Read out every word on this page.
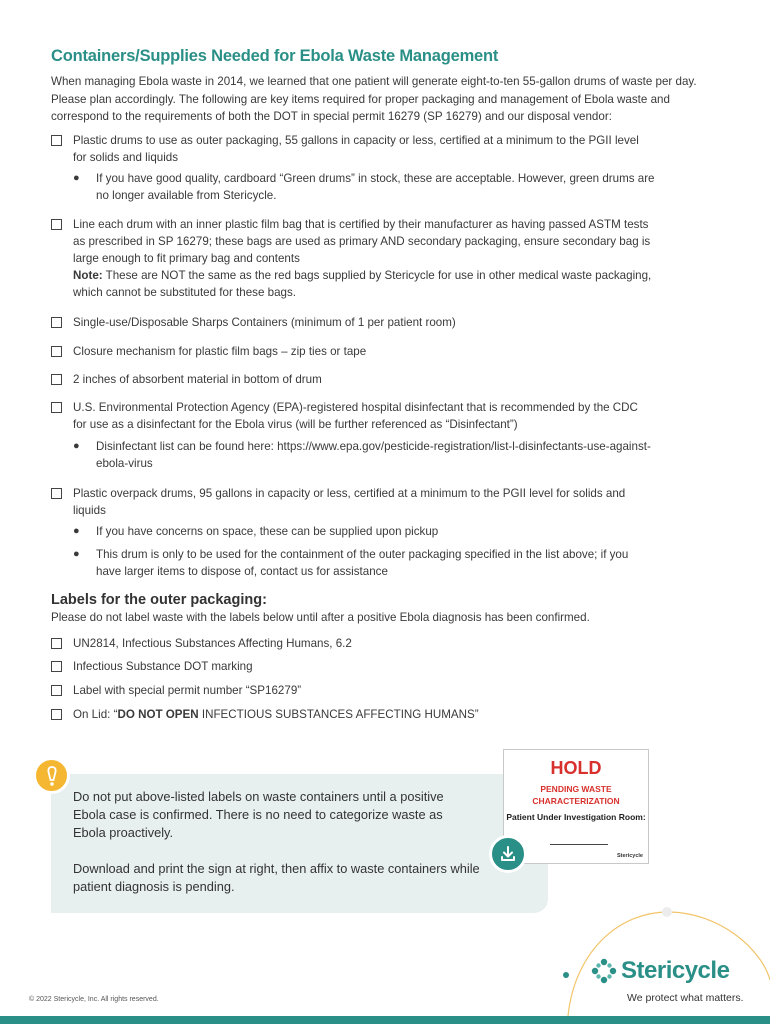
Containers/Supplies Needed for Ebola Waste Management
When managing Ebola waste in 2014, we learned that one patient will generate eight-to-ten 55-gallon drums of waste per day. Please plan accordingly. The following are key items required for proper packaging and management of Ebola waste and correspond to the requirements of both the DOT in special permit 16279 (SP 16279) and our disposal vendor:
Plastic drums to use as outer packaging, 55 gallons in capacity or less, certified at a minimum to the PGII level for solids and liquids
●	If you have good quality, cardboard “Green drums” in stock, these are acceptable. However, green drums are no longer available from Stericycle.
Line each drum with an inner plastic film bag that is certified by their manufacturer as having passed ASTM tests as prescribed in SP 16279; these bags are used as primary AND secondary packaging, ensure secondary bag is large enough to fit primary bag and contents
Note: These are NOT the same as the red bags supplied by Stericycle for use in other medical waste packaging, which cannot be substituted for these bags.
Single-use/Disposable Sharps Containers (minimum of 1 per patient room)
Closure mechanism for plastic film bags – zip ties or tape
2 inches of absorbent material in bottom of drum
U.S. Environmental Protection Agency (EPA)-registered hospital disinfectant that is recommended by the CDC for use as a disinfectant for the Ebola virus (will be further referenced as “Disinfectant”)
●	Disinfectant list can be found here: https://www.epa.gov/pesticide-registration/list-l-disinfectants-use-against-ebola-virus
Plastic overpack drums, 95 gallons in capacity or less, certified at a minimum to the PGII level for solids and liquids
●	If you have concerns on space, these can be supplied upon pickup
●	This drum is only to be used for the containment of the outer packaging specified in the list above; if you have larger items to dispose of, contact us for assistance
Labels for the outer packaging:
Please do not label waste with the labels below until after a positive Ebola diagnosis has been confirmed.
UN2814, Infectious Substances Affecting Humans, 6.2
Infectious Substance DOT marking
Label with special permit number “SP16279”
On Lid: “DO NOT OPEN INFECTIOUS SUBSTANCES AFFECTING HUMANS”
Do not put above-listed labels on waste containers until a positive Ebola case is confirmed. There is no need to categorize waste as Ebola proactively.
Download and print the sign at right, then affix to waste containers while patient diagnosis is pending.
HOLD
PENDING WASTE CHARACTERIZATION
Patient Under Investigation Room:
Stericycle
Stericycle
We protect what matters.
© 2022 Stericycle, Inc. All rights reserved.
